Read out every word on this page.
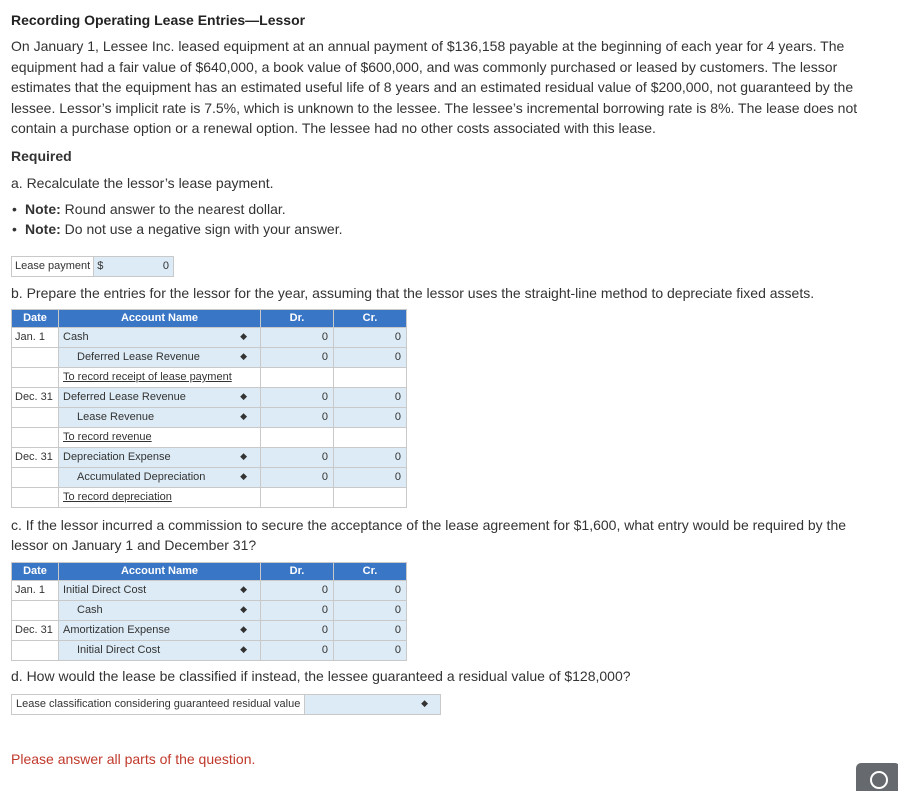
Recording Operating Lease Entries—Lessor

On January 1, Lessee Inc. leased equipment at an annual payment of $136,158 payable at the beginning of each year for 4 years. The equipment had a fair value of $640,000, a book value of $600,000, and was commonly purchased or leased by customers. The lessor estimates that the equipment has an estimated useful life of 8 years and an estimated residual value of $200,000, not guaranteed by the lessee. Lessor’s implicit rate is 7.5%, which is unknown to the lessee. The lessee’s incremental borrowing rate is 8%. The lease does not contain a purchase option or a renewal option. The lessee had no other costs associated with this lease.

Required
a. Recalculate the lessor’s lease payment.
• Note: Round answer to the nearest dollar.
• Note: Do not use a negative sign with your answer.
Lease payment $	0
b. Prepare the entries for the lessor for the year, assuming that the lessor uses the straight-line method to depreciate fixed assets.
Date	Account Name	Dr.	Cr.
Jan. 1	Cash ◆	0	0
	Deferred Lease Revenue ◆	0	0
	To record receipt of lease payment		
Dec. 31	Deferred Lease Revenue ◆	0	0
	Lease Revenue ◆	0	0
	To record revenue		
Dec. 31	Depreciation Expense ◆	0	0
	Accumulated Depreciation ◆	0	0
	To record depreciation		
c. If the lessor incurred a commission to secure the acceptance of the lease agreement for $1,600, what entry would be required by the lessor on January 1 and December 31?
Date	Account Name	Dr.	Cr.
Jan. 1	Initial Direct Cost ◆	0	0
	Cash ◆	0	0
Dec. 31	Amortization Expense ◆	0	0
	Initial Direct Cost ◆	0	0
d. How would the lease be classified if instead, the lessee guaranteed a residual value of $128,000?
Lease classification considering guaranteed residual value	◆
Please answer all parts of the question.
